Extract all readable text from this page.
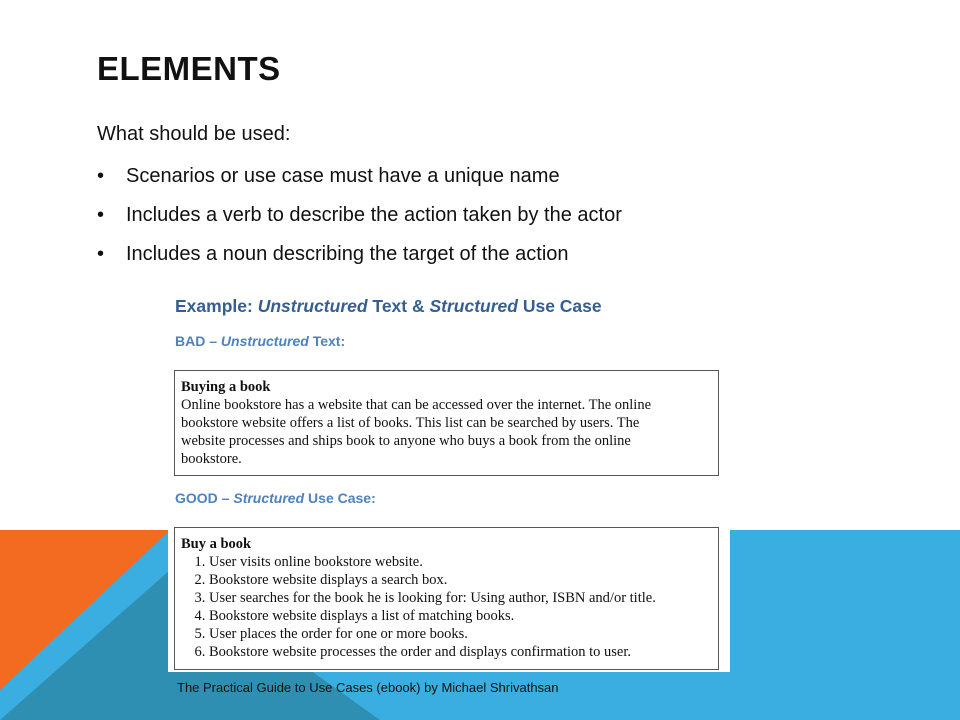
ELEMENTS
What should be used:
• Scenarios or use case must have a unique name
• Includes a verb to describe the action taken by the actor
• Includes a noun describing the target of the action
Example: Unstructured Text & Structured Use Case
BAD – Unstructured Text:
Buying a book
Online bookstore has a website that can be accessed over the internet. The online
bookstore website offers a list of books. This list can be searched by users. The
website processes and ships book to anyone who buys a book from the online
bookstore.
GOOD – Structured Use Case:
Buy a book
1. User visits online bookstore website.
2. Bookstore website displays a search box.
3. User searches for the book he is looking for: Using author, ISBN and/or title.
4. Bookstore website displays a list of matching books.
5. User places the order for one or more books.
6. Bookstore website processes the order and displays confirmation to user.
The Practical Guide to Use Cases (ebook) by Michael Shrivathsan
